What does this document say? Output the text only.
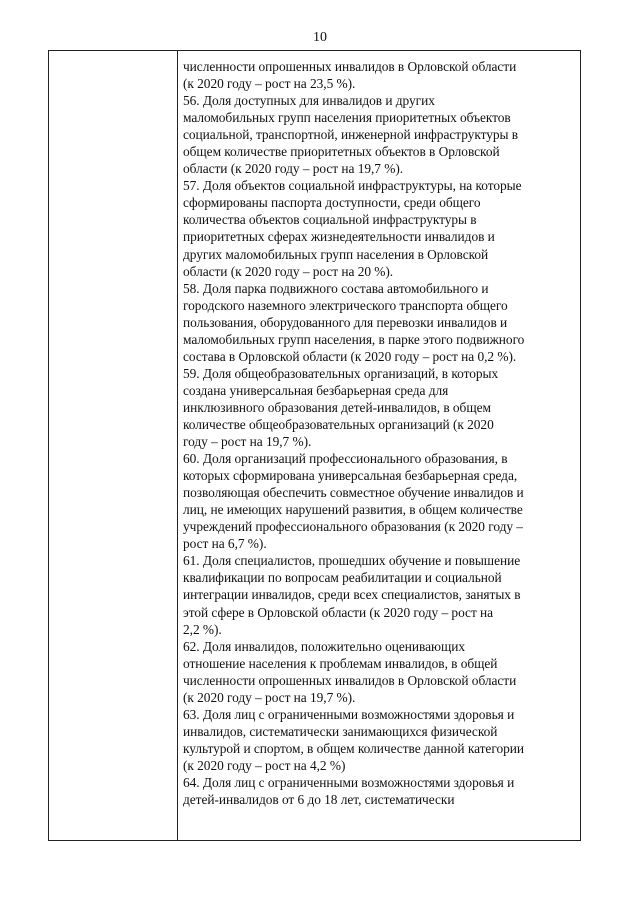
10
численности опрошенных инвалидов в Орловской области
(к 2020 году – рост на 23,5 %).
56. Доля доступных для инвалидов и других
маломобильных групп населения приоритетных объектов
социальной, транспортной, инженерной инфраструктуры в
общем количестве приоритетных объектов в Орловской
области (к 2020 году – рост на 19,7 %).
57. Доля объектов социальной инфраструктуры, на которые
сформированы паспорта доступности, среди общего
количества объектов социальной инфраструктуры в
приоритетных сферах жизнедеятельности инвалидов и
других маломобильных групп населения в Орловской
области (к 2020 году – рост на 20 %).
58. Доля парка подвижного состава автомобильного и
городского наземного электрического транспорта общего
пользования, оборудованного для перевозки инвалидов и
маломобильных групп населения, в парке этого подвижного
состава в Орловской области (к 2020 году – рост на 0,2 %).
59. Доля общеобразовательных организаций, в которых
создана универсальная безбарьерная среда для
инклюзивного образования детей-инвалидов, в общем
количестве общеобразовательных организаций (к 2020
году – рост на 19,7 %).
60. Доля организаций профессионального образования, в
которых сформирована универсальная безбарьерная среда,
позволяющая обеспечить совместное обучение инвалидов и
лиц, не имеющих нарушений развития, в общем количестве
учреждений профессионального образования (к 2020 году –
рост на 6,7 %).
61. Доля специалистов, прошедших обучение и повышение
квалификации по вопросам реабилитации и социальной
интеграции инвалидов, среди всех специалистов, занятых в
этой сфере в Орловской области (к 2020 году – рост на
2,2 %).
62. Доля инвалидов, положительно оценивающих
отношение населения к проблемам инвалидов, в общей
численности опрошенных инвалидов в Орловской области
(к 2020 году – рост на 19,7 %).
63. Доля лиц с ограниченными возможностями здоровья и
инвалидов, систематически занимающихся физической
культурой и спортом, в общем количестве данной категории
(к 2020 году – рост на 4,2 %)
64. Доля лиц с ограниченными возможностями здоровья и
детей-инвалидов от 6 до 18 лет, систематически
